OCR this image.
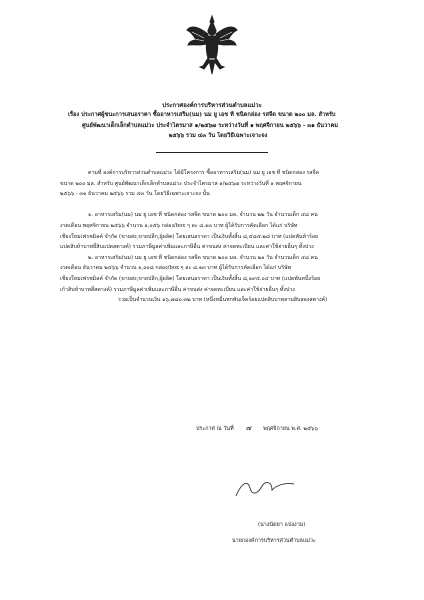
ประกาศองค์การบริหารส่วนตำบลแม่วะ
เรื่อง ประกาศผู้ชนะการเสนอราคา ซื้ออาหารเสริม(นม) นม ยู เอช ที ชนิดกล่อง รสจืด ขนาด ๒๐๐ มล. สำหรับ
ศูนย์พัฒนาเด็กเล็กตำบลแม่วะ ประจำไตรมาส ๑/๒๕๖๗ ระหว่างวันที่ ๑ พฤศจิกายน ๒๕๖๖ - ๓๑ ธันวาคม
๒๕๖๖ รวม ๔๓ วัน โดยวิธีเฉพาะเจาะจง

ตามที่ องค์การบริหารส่วนตำบลแม่วะ ได้มีโครงการ ซื้ออาหารเสริม(นม) นม ยู เอช ที ชนิดกล่อง รสจืด

ขนาด ๒๐๐ มล. สำหรับ ศูนย์พัฒนาเด็กเล็กตำบลแม่วะ ประจำไตรมาส ๑/๒๕๖๗ ระหว่างวันที่ ๑ พฤศจิกายน

๒๕๖๖ - ๓๑ ธันวาคม ๒๕๖๖ รวม ๔๓ วัน โดยวิธีเฉพาะเจาะจง นั้น

๑. อาหารเสริม(นม) นม ยู เอช ที ชนิดกล่อง รสจืด ขนาด ๒๐๐ มล. จำนวน ๒๒ วัน จำนวนเด็ก ๔๘ คน

งวดเดือน พฤศจิกายน ๒๕๖๖ จำนวน ๑,๐๕๖ กล่อง/box ๆ ละ ๘.๑๓ บาท ผู้ได้รับการคัดเลือก ได้แก่ บริษัท

เชียงใหม่เฟรชมิลค์ จำกัด (ขายส่ง,ขายปลีก,ผู้ผลิต) โดยเสนอราคา เป็นเงินทั้งสิ้น ๘,๕๘๕.๒๘ บาท (แปดพันห้าร้อย

แปดสิบห้าบาทยี่สิบแปดสตางค์) รวมภาษีมูลค่าเพิ่มและภาษีอื่น ค่าขนส่ง ค่าจดทะเบียน และค่าใช้จ่ายอื่นๆ ทั้งปวง

๒. อาหารเสริม(นม) นม ยู เอช ที ชนิดกล่อง รสจืด ขนาด ๒๐๐ มล. จำนวน ๒๑ วัน จำนวนเด็ก ๔๘ คน

งวดเดือน ธันวาคม ๒๕๖๖ จำนวน ๑,๐๐๘ กล่อง/box ๆ ละ ๘.๑๓ บาท ผู้ได้รับการคัดเลือก ได้แก่ บริษัท

เชียงใหม่เฟรชมิลค์ จำกัด (ขายส่ง,ขายปลีก,ผู้ผลิต) โดยเสนอราคา เป็นเงินทั้งสิ้น ๘,๑๙๕.๐๔ บาท (แปดพันหนึ่งร้อย

เก้าสิบห้าบาทสี่สตางค์) รวมภาษีมูลค่าเพิ่มและภาษีอื่น ค่าขนส่ง ค่าจดทะเบียน และค่าใช้จ่ายอื่นๆ ทั้งปวง

รวมเป็นจำนวนเงิน ๑๖,๗๘๐.๓๒ บาท (หนึ่งหมื่นหกพันเจ็ดร้อยแปดสิบบาทสามสิบสองสตางค์)

ประกาศ ณ วันที่ ๗ พฤศจิกายน พ.ศ. ๒๕๖๖
(นางนัดยา แปงงาม)
นายกองค์การบริหารส่วนตำบลแม่วะ
